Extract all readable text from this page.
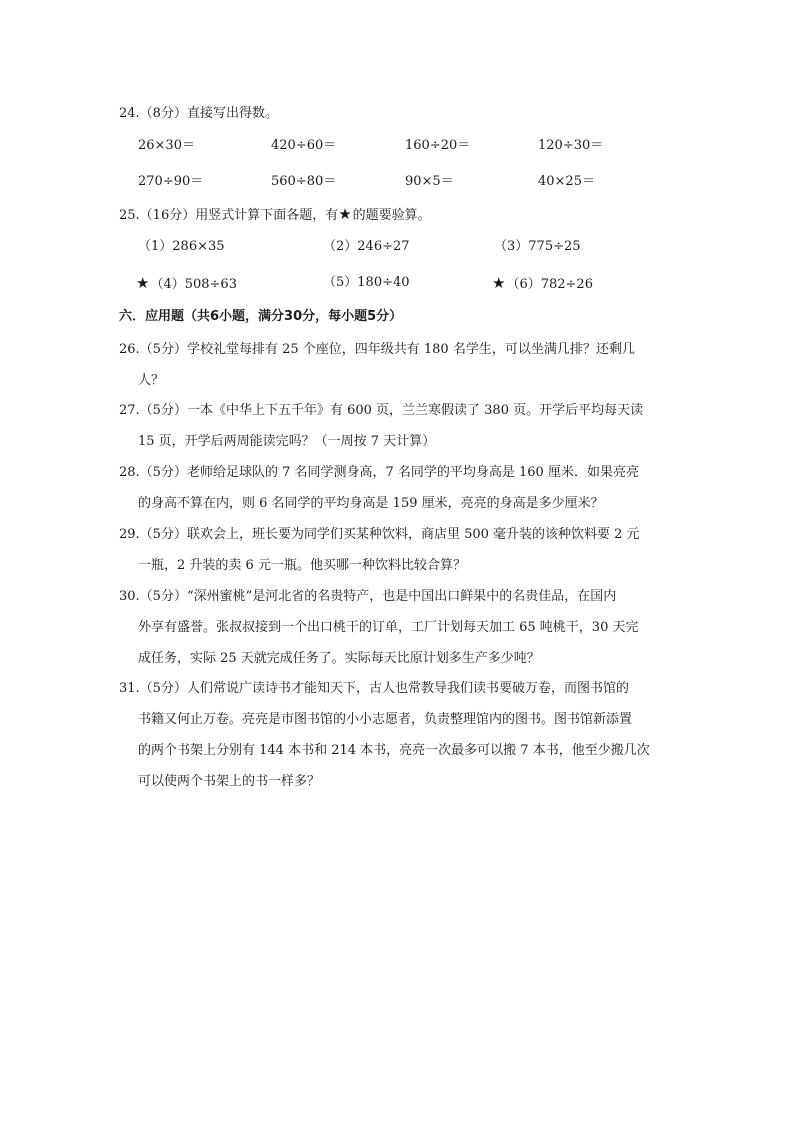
24.（8分）直接写出得数。
26×30＝	420÷60＝	160÷20＝	120÷30＝
270÷90＝	560÷80＝	90×5＝	40×25＝
25.（16分）用竖式计算下面各题，有★的题要验算。
（1）286×35	（2）246÷27	（3）775÷25
★（4）508÷63	（5）180÷40	★（6）782÷26
六．应用题（共6小题，满分30分，每小题5分）
26.（5分）学校礼堂每排有 25 个座位，四年级共有 180 名学生，可以坐满几排？还剩几
人？
27.（5分）一本《中华上下五千年》有 600 页，兰兰寒假读了 380 页。开学后平均每天读
15 页，开学后两周能读完吗？（一周按 7 天计算）
28.（5分）老师给足球队的 7 名同学测身高，7 名同学的平均身高是 160 厘米．如果亮亮
的身高不算在内，则 6 名同学的平均身高是 159 厘米，亮亮的身高是多少厘米？
29.（5分）联欢会上，班长要为同学们买某种饮料，商店里 500 毫升装的该种饮料要 2 元
一瓶，2 升装的卖 6 元一瓶。他买哪一种饮料比较合算？
30.（5分）“深州蜜桃”是河北省的名贵特产，也是中国出口鲜果中的名贵佳品，在国内
外享有盛誉。张叔叔接到一个出口桃干的订单，工厂计划每天加工 65 吨桃干，30 天完
成任务，实际 25 天就完成任务了。实际每天比原计划多生产多少吨？
31.（5分）人们常说广读诗书才能知天下，古人也常教导我们读书要破万卷，而图书馆的
书籍又何止万卷。亮亮是市图书馆的小小志愿者，负责整理馆内的图书。图书馆新添置
的两个书架上分别有 144 本书和 214 本书，亮亮一次最多可以搬 7 本书，他至少搬几次
可以使两个书架上的书一样多？
